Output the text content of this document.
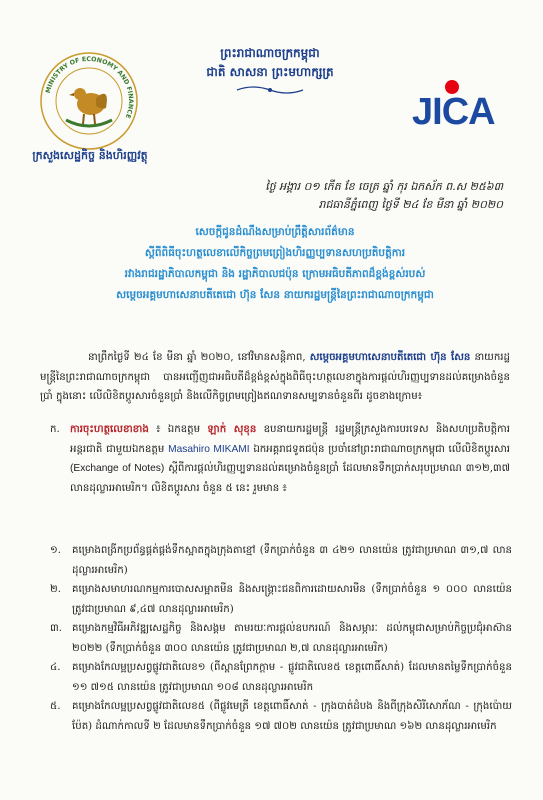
MINISTRY OF ECONOMY AND FINANCE
ក្រសួងសេដ្ឋកិច្ច និងហិរញ្ញវត្ថុ
ព្រះរាជាណាចក្រកម្ពុជា
ជាតិ សាសនា ព្រះមហាក្សត្រ
JICA
ថ្ងៃ អង្គារ ០១ កើត ខែ ចេត្រ ឆ្នាំ កុរ ឯកស័ក ព.ស ២៥៦៣
រាជធានីភ្នំពេញ ថ្ងៃទី ២៤ ខែ មីនា ឆ្នាំ ២០២០
សេចក្តីជូនដំណឹងសម្រាប់ព្រឹត្តិសារព័ត៌មាន
ស្តីពីពិធីចុះហត្ថលេខាលើកិច្ចព្រមព្រៀងហិរញ្ញប្បទានសហប្រតិបត្តិការ
រវាងរាជរដ្ឋាភិបាលកម្ពុជា និង រដ្ឋាភិបាលជប៉ុន ក្រោមអធិបតីភាពដ៏ខ្ពង់ខ្ពស់របស់
សម្តេចអគ្គមហាសេនាបតីតេជោ ហ៊ុន សែន នាយករដ្ឋមន្ត្រីនៃព្រះរាជាណាចក្រកម្ពុជា
នាព្រឹកថ្ងៃទី ២៤ ខែ មីនា ឆ្នាំ ២០២០, នៅវិមានសន្តិភាព, សម្តេចអគ្គមហាសេនាបតីតេជោ ហ៊ុន សែន នាយករដ្ឋមន្ត្រីនៃព្រះរាជាណាចក្រកម្ពុជា បានអញ្ជើញជាអធិបតីដ៏ខ្ពង់ខ្ពស់ក្នុងពិធីចុះហត្ថលេខាក្នុងការផ្តល់ហិរញ្ញប្បទានដល់គម្រោងចំនួនប្រាំ ក្នុងនោះ លើលិខិតប្តូរសារចំនួនប្រាំ និងលើកិច្ចព្រមព្រៀងឥណទានសម្បទានចំនួនពីរ ដូចខាងក្រោម៖
ក. ការចុះហត្ថលេខាខាង ៖ ឯកឧត្តម ឡាក់ សុខុន ឧបនាយករដ្ឋមន្ត្រី រដ្ឋមន្ត្រីក្រសួងការបរទេស និងសហប្រតិបត្តិការអន្តរជាតិ ជាមួយឯកឧត្តម Masahiro MIKAMI ឯកអគ្គរាជទូតជប៉ុន ប្រចាំនៅព្រះរាជាណាចក្រកម្ពុជា លើលិខិតប្តូរសារ (Exchange of Notes) ស្តីពីការផ្តល់ហិរញ្ញប្បទានដល់គម្រោងចំនួនប្រាំ ដែលមានទឹកប្រាក់សរុបប្រមាណ ៣១២,៣៧ លានដុល្លារអាមេរិក។ លិខិតប្តូរសារ ចំនួន ៥ នេះ រួមមាន ៖
១. គម្រោងពង្រីកប្រព័ន្ធផ្គត់ផ្គង់ទឹកស្អាតក្នុងក្រុងតាខ្មៅ (ទឹកប្រាក់ចំនួន ៣ ៤២១ លានយ៉េន ត្រូវជាប្រមាណ ៣១,៧ លានដុល្លារអាមេរិក)
២. គម្រោងសមាហរណកម្មការបោសសម្អាតមីន និងសង្គ្រោះជនពិការដោយសារមីន (ទឹកប្រាក់ចំនួន ១ ០០០ លានយ៉េន ត្រូវជាប្រមាណ ៩,៤៧ លានដុល្លារអាមេរិក)
៣. គម្រោងកម្មវិធីអភិវឌ្ឍសេដ្ឋកិច្ច និងសង្គម តាមរយៈការផ្តល់ឧបករណ៍ និងសម្ភារៈ ដល់កម្ពុជាសម្រាប់កិច្ចប្រជុំអាស៊ាន ២០២២ (ទឹកប្រាក់ចំនួន ៣០០ លានយ៉េន ត្រូវជាប្រមាណ ២,៧ លានដុល្លារអាមេរិក)
៤. គម្រោងកែលម្អប្រសព្វផ្លូវជាតិលេខ១ (ពីស្ពានព្រែកក្ដាម - ផ្លូវជាតិលេខ៥ ខេត្តពោធិ៍សាត់) ដែលមានតម្លៃទឹកប្រាក់ចំនួន ១១ ៧១៥ លានយ៉េន ត្រូវជាប្រមាណ ១០៨ លានដុល្លារអាមេរិក
៥. គម្រោងកែលម្អប្រសព្វផ្លូវជាតិលេខ៥ (ពីផ្លូវមេត្រី ខេត្តពោធិ៍សាត់ - ក្រុងបាត់ដំបង និងពីក្រុងសិរីសោភ័ណ - ក្រុងប៉ោយប៉ែត) ដំណាក់កាលទី ២ ដែលមានទឹកប្រាក់ចំនួន ១៧ ៧០២ លានយ៉េន ត្រូវជាប្រមាណ ១៦២ លានដុល្លារអាមេរិក
